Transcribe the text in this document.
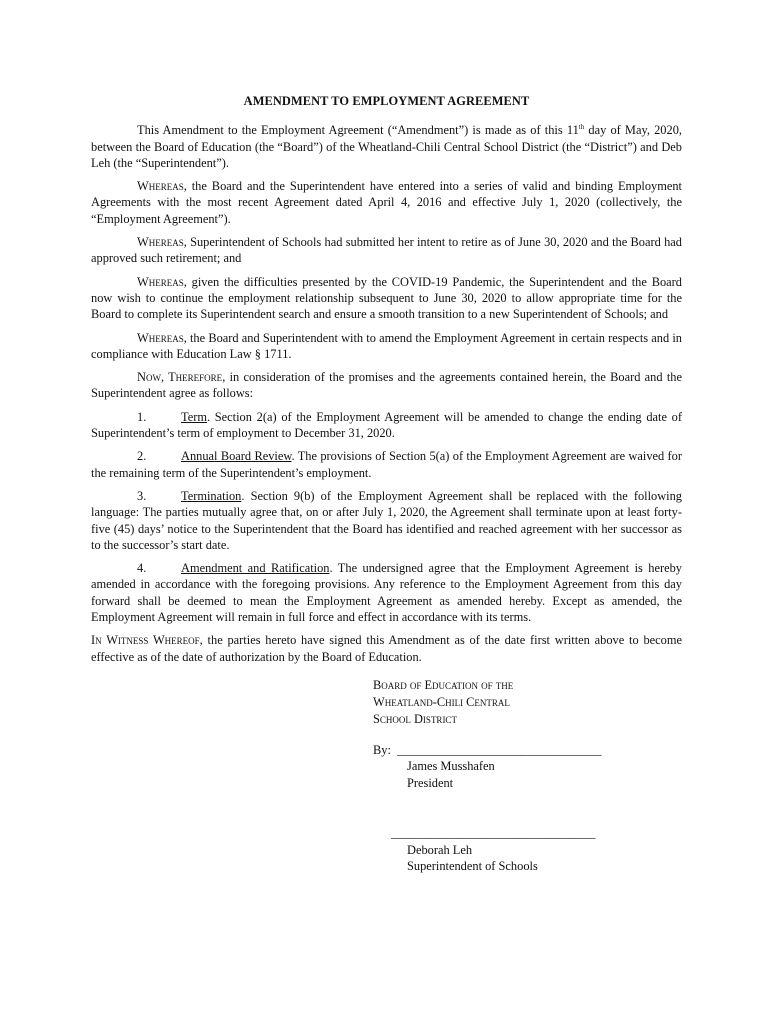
AMENDMENT TO EMPLOYMENT AGREEMENT

This Amendment to the Employment Agreement (“Amendment”) is made as of this 11th day of May, 2020, between the Board of Education (the “Board”) of the Wheatland-Chili Central School District (the “District”) and Deb Leh (the “Superintendent”).

Whereas, the Board and the Superintendent have entered into a series of valid and binding Employment Agreements with the most recent Agreement dated April 4, 2016 and effective July 1, 2020 (collectively, the “Employment Agreement”).

Whereas, Superintendent of Schools had submitted her intent to retire as of June 30, 2020 and the Board had approved such retirement; and

Whereas, given the difficulties presented by the COVID-19 Pandemic, the Superintendent and the Board now wish to continue the employment relationship subsequent to June 30, 2020 to allow appropriate time for the Board to complete its Superintendent search and ensure a smooth transition to a new Superintendent of Schools; and

Whereas, the Board and Superintendent with to amend the Employment Agreement in certain respects and in compliance with Education Law § 1711.

Now, Therefore, in consideration of the promises and the agreements contained herein, the Board and the Superintendent agree as follows:

1.	Term. Section 2(a) of the Employment Agreement will be amended to change the ending date of Superintendent’s term of employment to December 31, 2020.

2.	Annual Board Review. The provisions of Section 5(a) of the Employment Agreement are waived for the remaining term of the Superintendent’s employment.

3.	Termination. Section 9(b) of the Employment Agreement shall be replaced with the following language: The parties mutually agree that, on or after July 1, 2020, the Agreement shall terminate upon at least forty-five (45) days’ notice to the Superintendent that the Board has identified and reached agreement with her successor as to the successor’s start date.

4.	Amendment and Ratification. The undersigned agree that the Employment Agreement is hereby amended in accordance with the foregoing provisions. Any reference to the Employment Agreement from this day forward shall be deemed to mean the Employment Agreement as amended hereby. Except as amended, the Employment Agreement will remain in full force and effect in accordance with its terms.

In Witness Whereof, the parties hereto have signed this Amendment as of the date first written above to become effective as of the date of authorization by the Board of Education.

Board of Education of the
Wheatland-Chili Central
School District
By: _________________________________
James Musshafen
President
_________________________________
Deborah Leh
Superintendent of Schools
